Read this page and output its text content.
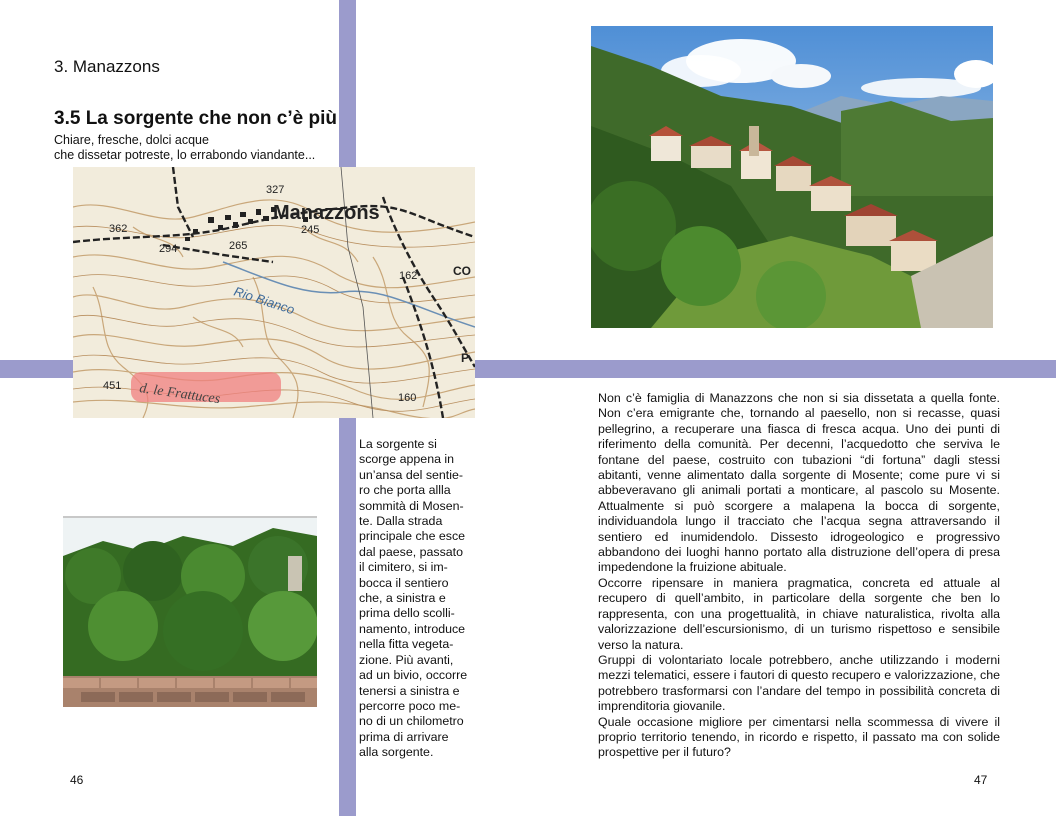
3. Manazzons
3.5 La sorgente che non c’è più
Chiare, fresche, dolci acque
che dissetar potreste, lo errabondo viandante...
Manazzons
327
362
294	265
245
162
Rio Bianco
451 d. le Frattuces	160
CO
P
La sorgente si
scorge appena in
un’ansa del sentie-
ro che porta allla
sommità di Mosen-
te. Dalla strada
principale che esce
dal paese, passato
il cimitero, si im-
bocca il sentiero
che, a sinistra e
prima dello scolli-
namento, introduce
nella fitta vegeta-
zione. Più avanti,
ad un bivio, occorre
tenersi a sinistra e
percorre poco me-
no di un chilometro
prima di arrivare
alla sorgente.

Non c’è famiglia di Manazzons che non si sia dissetata a quella fonte. Non c’era emigrante che, tornando al paesello, non si recasse, quasi pellegrino, a recuperare una fiasca di fresca acqua. Uno dei punti di riferimento della comunità. Per decenni, l’acquedotto che serviva le fontane del paese, costruito con tubazioni “di fortuna” dagli stessi abitanti, venne alimentato dalla sorgente di Mosente; come pure vi si abbeveravano gli animali portati a monticare, al pascolo su Mosente. Attualmente si può scorgere a malapena la bocca di sorgente, individuandola lungo il tracciato che l’acqua segna attraversando il sentiero ed inumidendolo. Dissesto idrogeologico e progressivo abbandono dei luoghi hanno portato alla distruzione dell’opera di presa impedendone la fruizione abituale.

Occorre ripensare in maniera pragmatica, concreta ed attuale al recupero di quell’ambito, in particolare della sorgente che ben lo rappresenta, con una progettualità, in chiave naturalistica, rivolta alla valorizzazione dell’escursionismo, di un turismo rispettoso e sensibile verso la natura.

Gruppi di volontariato locale potrebbero, anche utilizzando i moderni mezzi telematici, essere i fautori di questo recupero e valorizzazione, che potrebbero trasformarsi con l’andare del tempo in possibilità concreta di imprenditoria giovanile.

Quale occasione migliore per cimentarsi nella scommessa di vivere il proprio territorio tenendo, in ricordo e rispetto, il passato ma con solide prospettive per il futuro?

46	47
